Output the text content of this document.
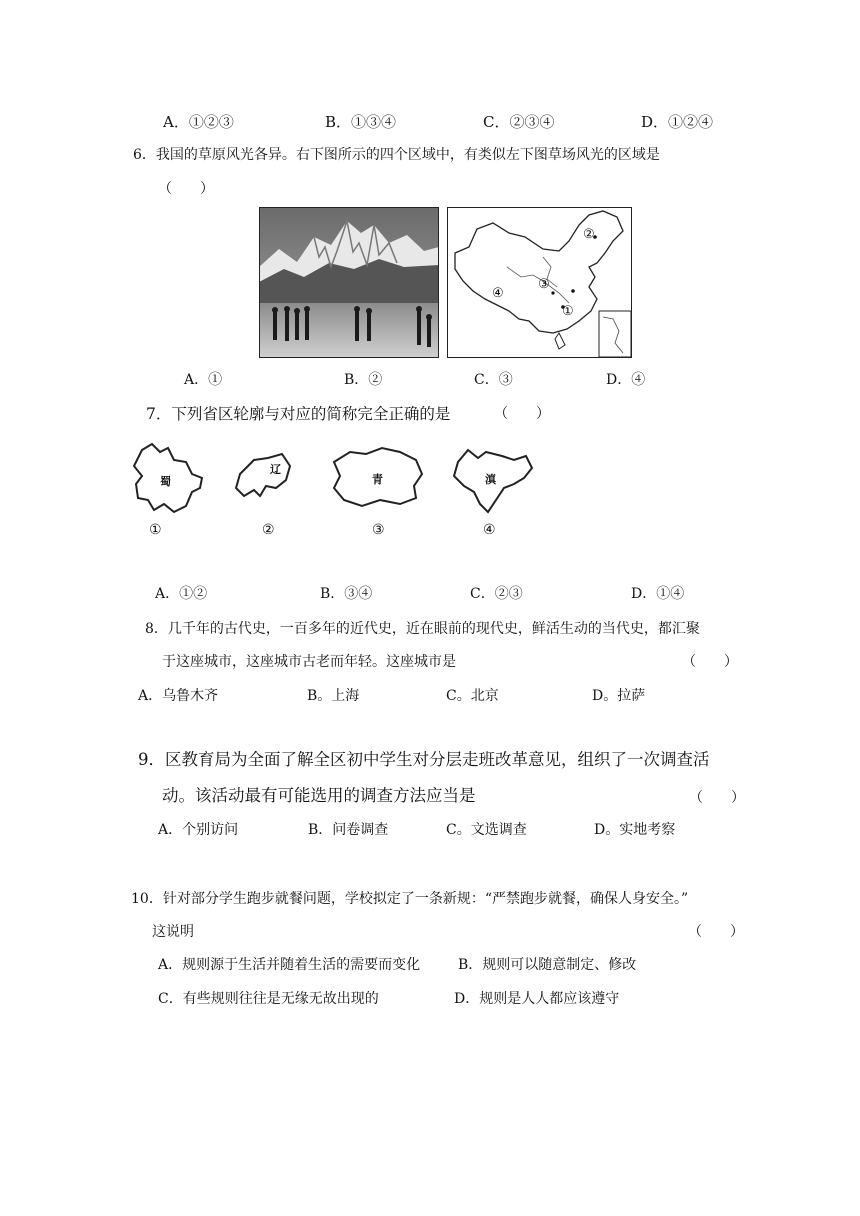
A．①②③	B．①③④	C．②③④	D．①②④
6．我国的草原风光各异。右下图所示的四个区域中，有类似左下图草场风光的区域是
（　　）
②
③
④
①
A．①	B．②	C．③	D．④
7．下列省区轮廓与对应的简称完全正确的是	（　　）
蜀
辽
青	滇
①	②	③	④
A．①②	B．③④	C．②③	D．①④
8．几千年的古代史，一百多年的近代史，近在眼前的现代史，鲜活生动的当代史，都汇聚
于这座城市，这座城市古老而年轻。这座城市是	（　　）
A．乌鲁木齐	B。上海	C。北京	D。拉萨
9．区教育局为全面了解全区初中学生对分层走班改革意见，组织了一次调查活
动。该活动最有可能选用的调查方法应当是	（　　）
A．个别访问	B．问卷调查	C。文选调查	D。实地考察
10．针对部分学生跑步就餐问题，学校拟定了一条新规：“严禁跑步就餐，确保人身安全。”
这说明	（　　）
A．规则源于生活并随着生活的需要而变化	B．规则可以随意制定、修改
C．有些规则往往是无缘无故出现的	D．规则是人人都应该遵守
